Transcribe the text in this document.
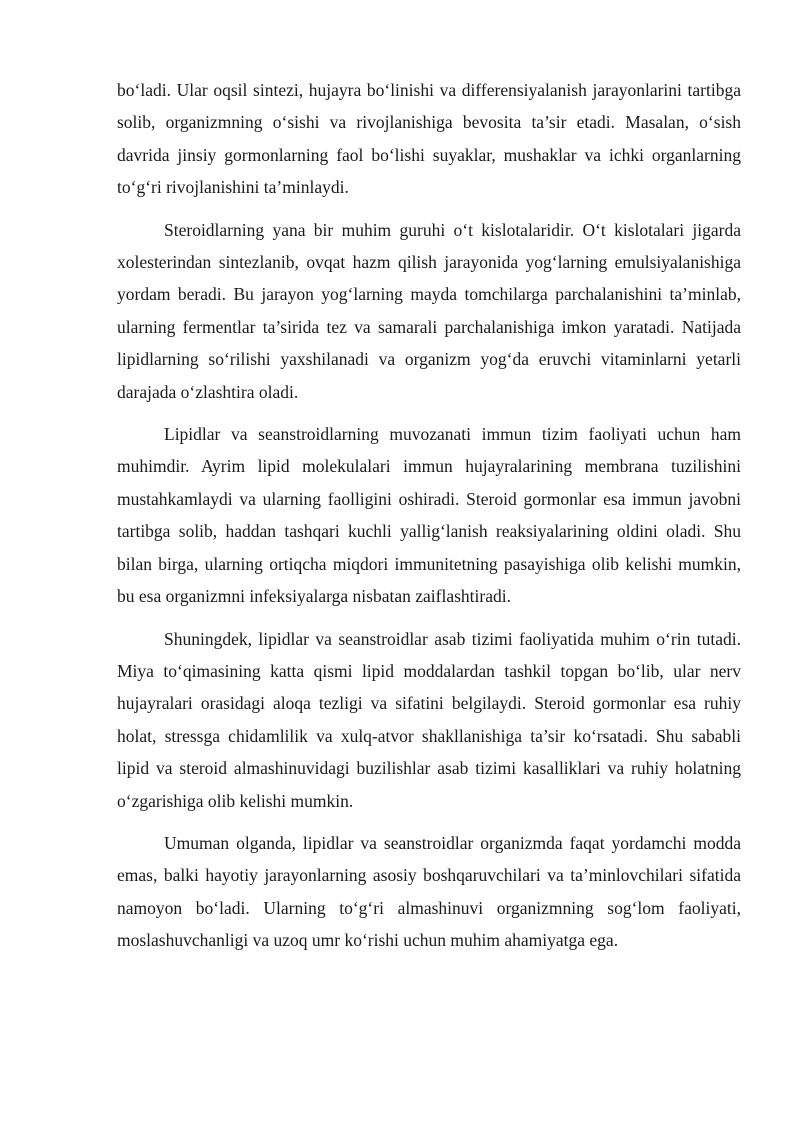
bo‘ladi. Ular oqsil sintezi, hujayra bo‘linishi va differensiyalanish jarayonlarini tartibga solib, organizmning o‘sishi va rivojlanishiga bevosita ta’sir etadi. Masalan, o‘sish davrida jinsiy gormonlarning faol bo‘lishi suyaklar, mushaklar va ichki organlarning to‘g‘ri rivojlanishini ta’minlaydi.

Steroidlarning yana bir muhim guruhi o‘t kislotalaridir. O‘t kislotalari jigarda xolesterindan sintezlanib, ovqat hazm qilish jarayonida yog‘larning emulsiyalanishiga yordam beradi. Bu jarayon yog‘larning mayda tomchilarga parchalanishini ta’minlab, ularning fermentlar ta’sirida tez va samarali parchalanishiga imkon yaratadi. Natijada lipidlarning so‘rilishi yaxshilanadi va organizm yog‘da eruvchi vitaminlarni yetarli darajada o‘zlashtira oladi.

Lipidlar va seanstroidlarning muvozanati immun tizim faoliyati uchun ham muhimdir. Ayrim lipid molekulalari immun hujayralarining membrana tuzilishini mustahkamlaydi va ularning faolligini oshiradi. Steroid gormonlar esa immun javobni tartibga solib, haddan tashqari kuchli yallig‘lanish reaksiyalarining oldini oladi. Shu bilan birga, ularning ortiqcha miqdori immunitetning pasayishiga olib kelishi mumkin, bu esa organizmni infeksiyalarga nisbatan zaiflashtiradi.

Shuningdek, lipidlar va seanstroidlar asab tizimi faoliyatida muhim o‘rin tutadi. Miya to‘qimasining katta qismi lipid moddalardan tashkil topgan bo‘lib, ular nerv hujayralari orasidagi aloqa tezligi va sifatini belgilaydi. Steroid gormonlar esa ruhiy holat, stressga chidamlilik va xulq-atvor shakllanishiga ta’sir ko‘rsatadi. Shu sababli lipid va steroid almashinuvidagi buzilishlar asab tizimi kasalliklari va ruhiy holatning o‘zgarishiga olib kelishi mumkin.

Umuman olganda, lipidlar va seanstroidlar organizmda faqat yordamchi modda emas, balki hayotiy jarayonlarning asosiy boshqaruvchilari va ta’minlovchilari sifatida namoyon bo‘ladi. Ularning to‘g‘ri almashinuvi organizmning sog‘lom faoliyati, moslashuvchanligi va uzoq umr ko‘rishi uchun muhim ahamiyatga ega.
